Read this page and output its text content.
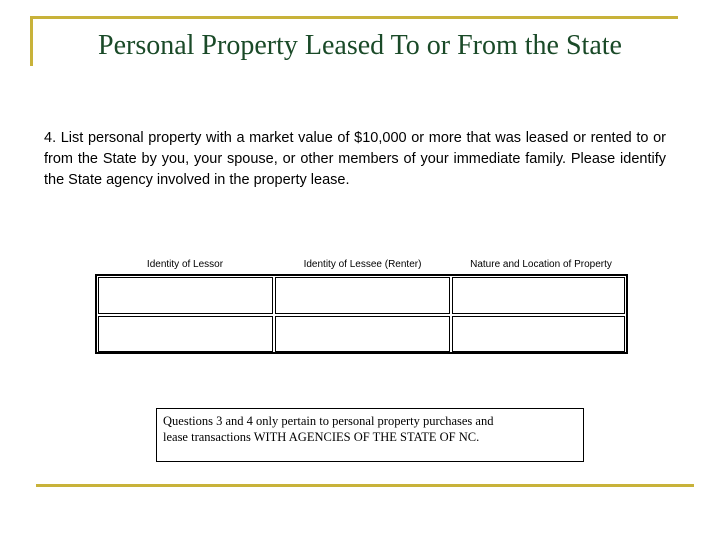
Personal Property Leased To or From the State
4. List personal property with a market value of $10,000 or more that was leased or rented to or from the State by you, your spouse, or other members of your immediate family. Please identify the State agency involved in the property lease.
Identity of Lessor	Identity of Lessee (Renter)	Nature and Location of Property
Questions 3 and 4 only pertain to personal property purchases and
lease transactions WITH AGENCIES OF THE STATE OF NC.
